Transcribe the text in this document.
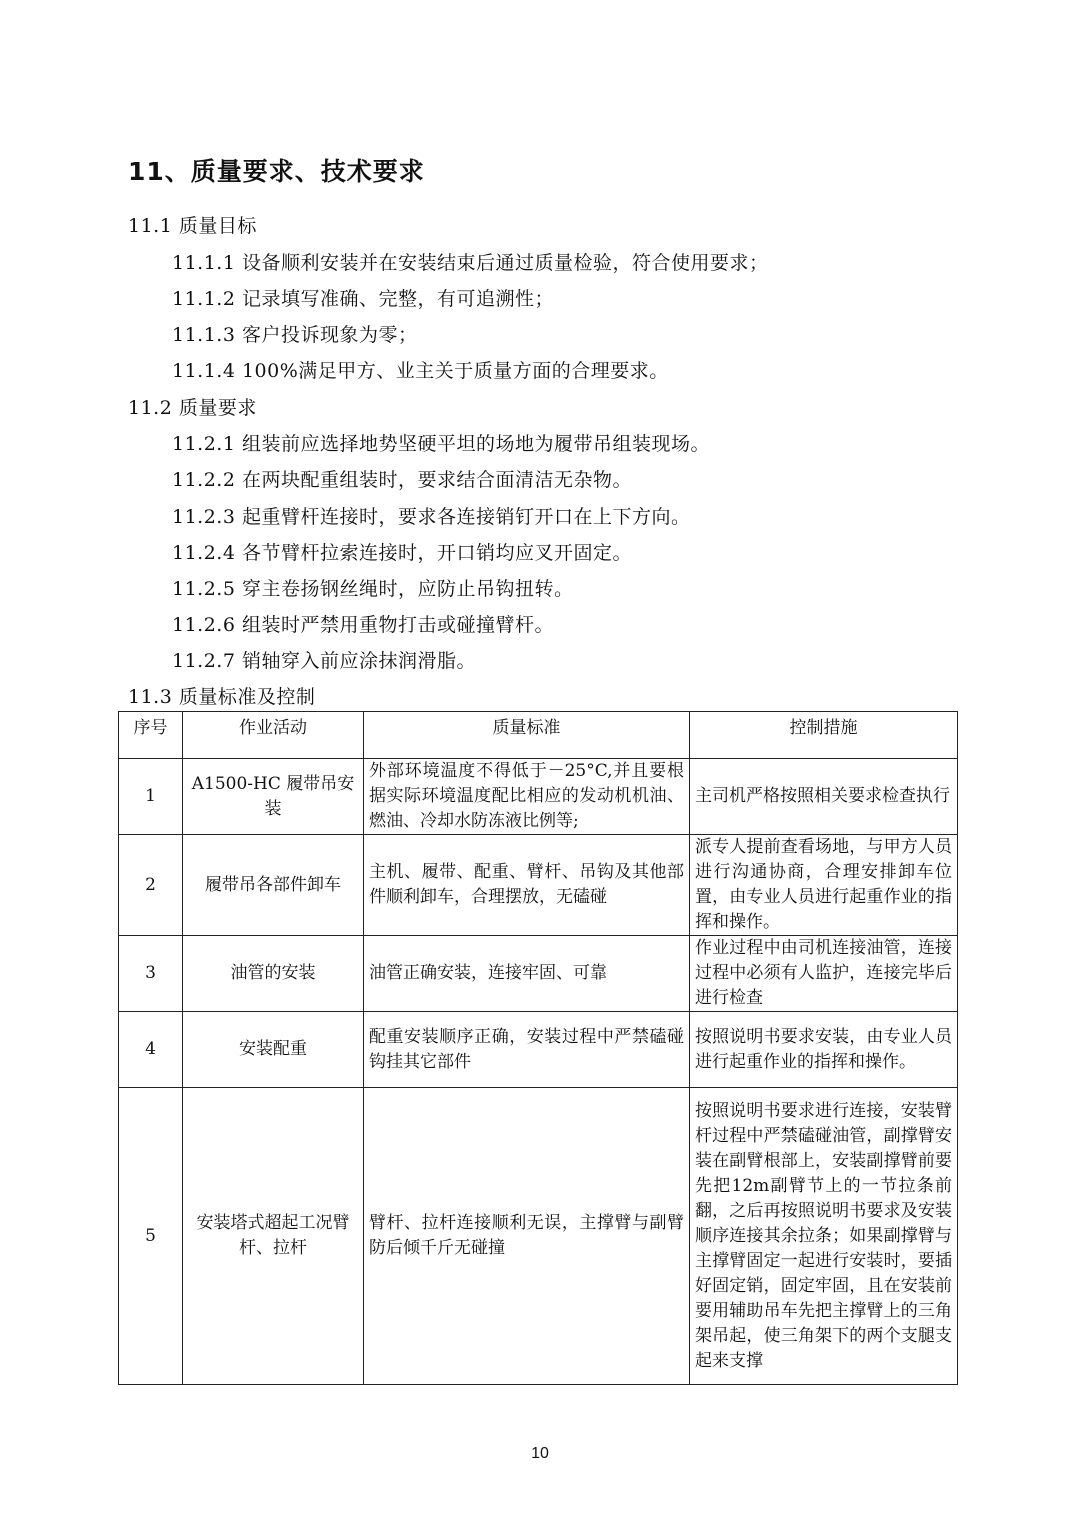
11、质量要求、技术要求
11.1 质量目标
11.1.1 设备顺利安装并在安装结束后通过质量检验，符合使用要求；
11.1.2 记录填写准确、完整，有可追溯性；
11.1.3 客户投诉现象为零；
11.1.4 100%满足甲方、业主关于质量方面的合理要求。
11.2 质量要求
11.2.1 组装前应选择地势坚硬平坦的场地为履带吊组装现场。
11.2.2 在两块配重组装时，要求结合面清洁无杂物。
11.2.3 起重臂杆连接时，要求各连接销钉开口在上下方向。
11.2.4 各节臂杆拉索连接时，开口销均应叉开固定。
11.2.5 穿主卷扬钢丝绳时，应防止吊钩扭转。
11.2.6 组装时严禁用重物打击或碰撞臂杆。
11.2.7 销轴穿入前应涂抹润滑脂。
11.3 质量标准及控制
序号	作业活动	质量标准	控制措施
1	A1500-HC 履带吊安装	外部环境温度不得低于－25°C,并且要根据实际环境温度配比相应的发动机机油、燃油、冷却水防冻液比例等;	主司机严格按照相关要求检查执行
2	履带吊各部件卸车	主机、履带、配重、臂杆、吊钩及其他部件顺利卸车，合理摆放，无磕碰	派专人提前查看场地，与甲方人员进行沟通协商，合理安排卸车位置，由专业人员进行起重作业的指挥和操作。
3	油管的安装	油管正确安装，连接牢固、可靠	作业过程中由司机连接油管，连接过程中必须有人监护，连接完毕后进行检查
4	安装配重	配重安装顺序正确，安装过程中严禁磕碰钩挂其它部件	按照说明书要求安装，由专业人员进行起重作业的指挥和操作。
5	安装塔式超起工况臂杆、拉杆	臂杆、拉杆连接顺利无误，主撑臂与副臂防后倾千斤无碰撞	按照说明书要求进行连接，安装臂杆过程中严禁磕碰油管，副撑臂安装在副臂根部上，安装副撑臂前要先把12m副臂节上的一节拉条前翻，之后再按照说明书要求及安装顺序连接其余拉条；如果副撑臂与主撑臂固定一起进行安装时，要插好固定销，固定牢固，且在安装前要用辅助吊车先把主撑臂上的三角架吊起，使三角架下的两个支腿支起来支撑
10
